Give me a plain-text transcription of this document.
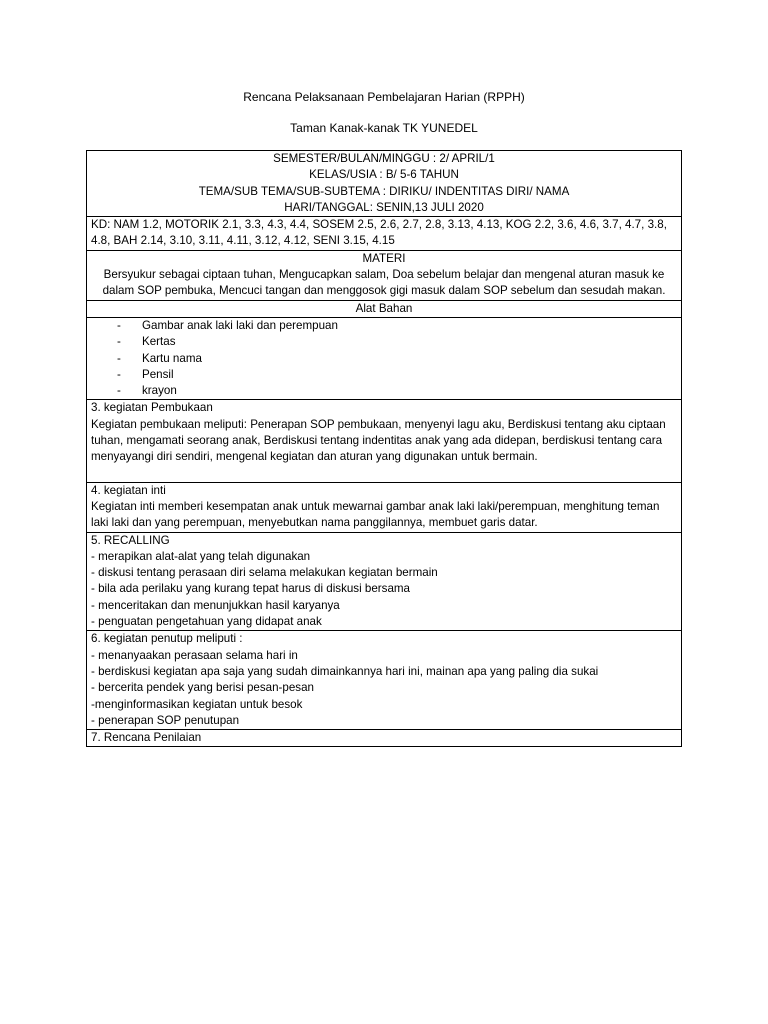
Rencana Pelaksanaan Pembelajaran Harian (RPPH)
Taman Kanak-kanak TK YUNEDEL
SEMESTER/BULAN/MINGGU : 2/ APRIL/1
KELAS/USIA : B/ 5-6 TAHUN
TEMA/SUB TEMA/SUB-SUBTEMA : DIRIKU/ INDENTITAS DIRI/ NAMA
HARI/TANGGAL: SENIN,13 JULI 2020

KD: NAM 1.2, MOTORIK 2.1, 3.3, 4.3, 4.4, SOSEM 2.5, 2.6, 2.7, 2.8, 3.13, 4.13, KOG 2.2, 3.6, 4.6, 3.7, 4.7, 3.8, 4.8, BAH 2.14, 3.10, 3.11, 4.11, 3.12, 4.12, SENI 3.15, 4.15

MATERI
Bersyukur sebagai ciptaan tuhan, Mengucapkan salam, Doa sebelum belajar dan mengenal aturan masuk ke dalam SOP pembuka, Mencuci tangan dan menggosok gigi masuk dalam SOP sebelum dan sesudah makan.

Alat Bahan

-	Gambar anak laki laki dan perempuan
-	Kertas
-	Kartu nama
-	Pensil
-	krayon

3. kegiatan Pembukaan
Kegiatan pembukaan meliputi: Penerapan SOP pembukaan, menyenyi lagu aku, Berdiskusi tentang aku ciptaan tuhan, mengamati seorang anak, Berdiskusi tentang indentitas anak yang ada didepan, berdiskusi tentang cara menyayangi diri sendiri, mengenal kegiatan dan aturan yang digunakan untuk bermain.

4. kegiatan inti
Kegiatan inti memberi kesempatan anak untuk mewarnai gambar anak laki laki/perempuan, menghitung teman laki laki dan yang perempuan, menyebutkan nama panggilannya, membuet garis datar.

5. RECALLING
- merapikan alat-alat yang telah digunakan
- diskusi tentang perasaan diri selama melakukan kegiatan bermain
- bila ada perilaku yang kurang tepat harus di diskusi bersama
- menceritakan dan menunjukkan hasil karyanya
- penguatan pengetahuan yang didapat anak

6. kegiatan penutup meliputi :
- menanyaakan perasaan selama hari in
- berdiskusi kegiatan apa saja yang sudah dimainkannya hari ini, mainan apa yang paling dia sukai
- bercerita pendek yang berisi pesan-pesan
-menginformasikan kegiatan untuk besok
- penerapan SOP penutupan

7. Rencana Penilaian
